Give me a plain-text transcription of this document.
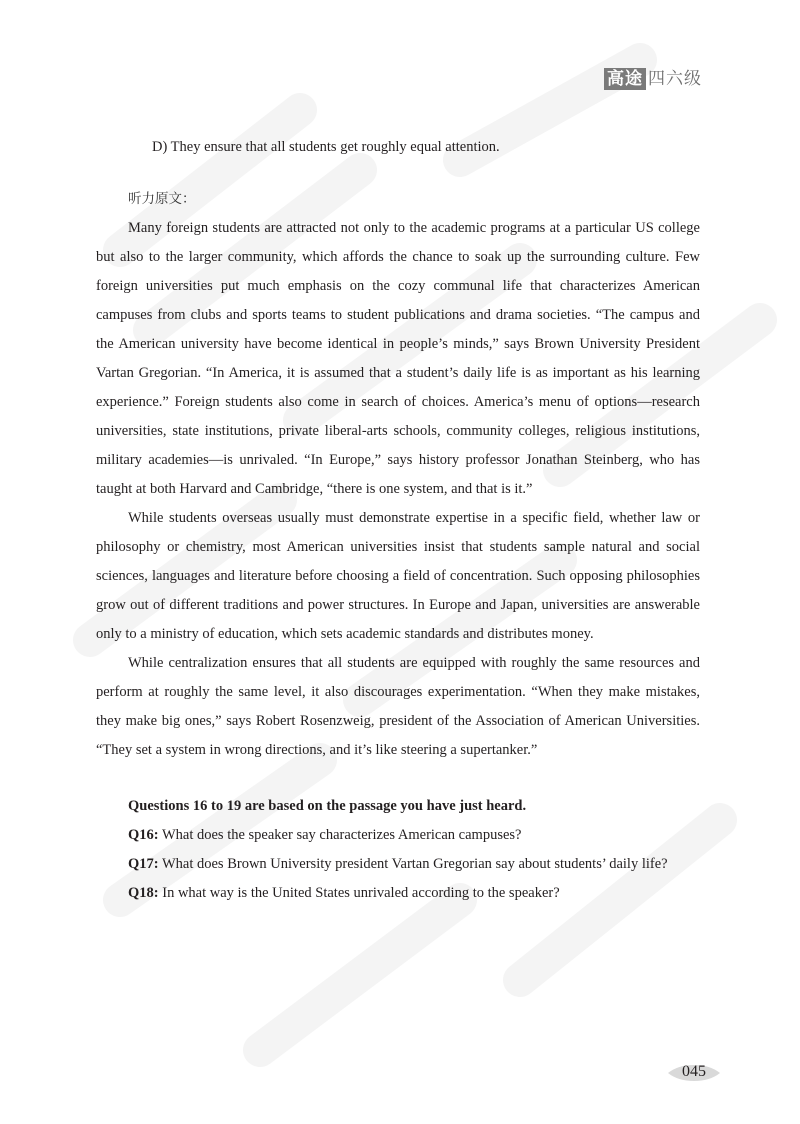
高途 四六级

D) They ensure that all students get roughly equal attention.

听力原文：

Many foreign students are attracted not only to the academic programs at a particular US college but also to the larger community, which affords the chance to soak up the surrounding culture. Few foreign universities put much emphasis on the cozy communal life that characterizes American campuses from clubs and sports teams to student publications and drama societies. “The campus and the American university have become identical in people’s minds,” says Brown University President Vartan Gregorian. “In America, it is assumed that a student’s daily life is as important as his learning experience.” Foreign students also come in search of choices. America’s menu of options—research universities, state institutions, private liberal-arts schools, community colleges, religious institutions, military academies—is unrivaled. “In Europe,” says history professor Jonathan Steinberg, who has taught at both Harvard and Cambridge, “there is one system, and that is it.”

While students overseas usually must demonstrate expertise in a specific field, whether law or philosophy or chemistry, most American universities insist that students sample natural and social sciences, languages and literature before choosing a field of concentration. Such opposing philosophies grow out of different traditions and power structures. In Europe and Japan, universities are answerable only to a ministry of education, which sets academic standards and distributes money.

While centralization ensures that all students are equipped with roughly the same resources and perform at roughly the same level, it also discourages experimentation. “When they make mistakes, they make big ones,” says Robert Rosenzweig, president of the Association of American Universities. “They set a system in wrong directions, and it’s like steering a supertanker.”

Questions 16 to 19 are based on the passage you have just heard.

Q16: What does the speaker say characterizes American campuses?

Q17: What does Brown University president Vartan Gregorian say about students’ daily life?

Q18: In what way is the United States unrivaled according to the speaker?

045
